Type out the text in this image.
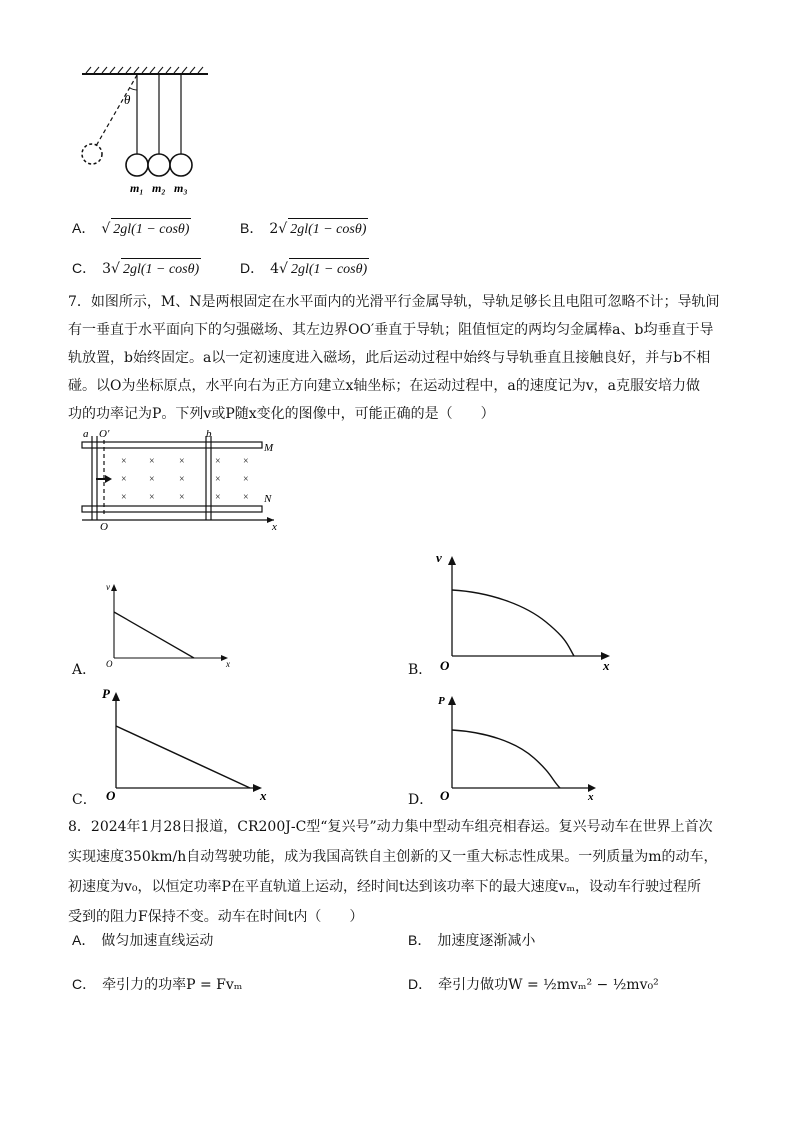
θ
m₁ m₂ m₃
A． √ 2gl(1 − cosθ)	B． 2√ 2gl(1 − cosθ)
C． 3√ 2gl(1 − cosθ)	D． 4√ 2gl(1 − cosθ)
7．如图所示，M、N是两根固定在水平面内的光滑平行金属导轨，导轨足够长且电阻可忽略不计；导轨间
有一垂直于水平面向下的匀强磁场、其左边界OO′垂直于导轨；阻值恒定的两均匀金属棒a、b均垂直于导
轨放置，b始终固定。a以一定初速度进入磁场，此后运动过程中始终与导轨垂直且接触良好，并与b不相
碰。以O为坐标原点，水平向右为正方向建立x轴坐标；在运动过程中，a的速度记为v，a克服安培力做
功的功率记为P。下列v或P随x变化的图像中，可能正确的是（　　）
× × ×	× ×
× × ×	× ×
× × ×	× ×
a O′	b
M
N
O	x
A．
v
O	x	B．
v
O	x
C．
P
O	x	D．
P
O	x
8．2024年1月28日报道，CR200J-C型“复兴号”动力集中型动车组亮相春运。复兴号动车在世界上首次
实现速度350km/h自动驾驶功能，成为我国高铁自主创新的又一重大标志性成果。一列质量为m的动车，
初速度为v₀，以恒定功率P在平直轨道上运动，经时间t达到该功率下的最大速度vₘ，设动车行驶过程所
受到的阻力F保持不变。动车在时间t内（　　）
A． 做匀加速直线运动	B． 加速度逐渐减小
C． 牵引力的功率P = Fvₘ	D． 牵引力做功W = ½mvₘ² − ½mv₀²
